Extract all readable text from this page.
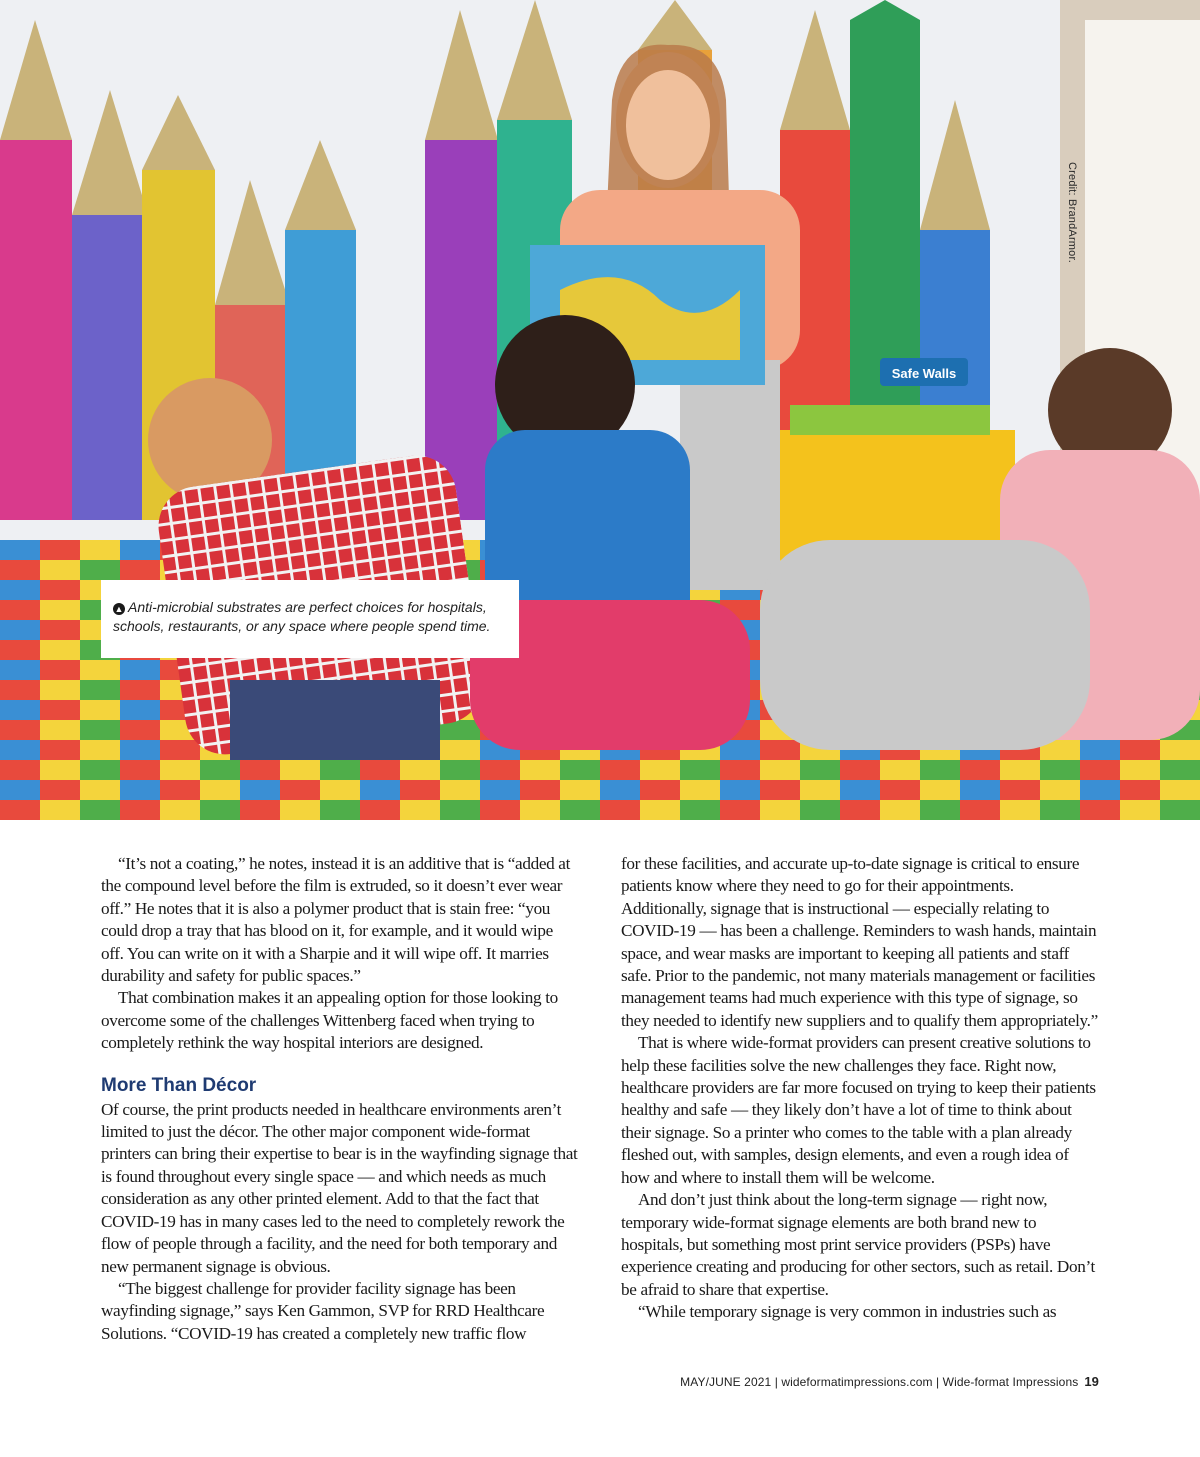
Safe Walls
Credit: BrandArmor.
▲ Anti-microbial substrates are perfect choices for hospitals, schools, restaurants, or any space where people spend time.

“It’s not a coating,” he notes, instead it is an additive that is “added at the compound level before the film is extruded, so it doesn’t ever wear off.” He notes that it is also a polymer product that is stain free: “you could drop a tray that has blood on it, for example, and it would wipe off. You can write on it with a Sharpie and it will wipe off. It marries durability and safety for public spaces.”

That combination makes it an appealing option for those looking to overcome some of the challenges Wittenberg faced when trying to completely rethink the way hospital interiors are designed.

More Than Décor

Of course, the print products needed in healthcare environments aren’t limited to just the décor. The other major component wide-format printers can bring their expertise to bear is in the wayfinding signage that is found throughout every single space — and which needs as much consideration as any other printed element. Add to that the fact that COVID-19 has in many cases led to the need to completely rework the flow of people through a facility, and the need for both temporary and new permanent signage is obvious.

“The biggest challenge for provider facility signage has been wayfinding signage,” says Ken Gammon, SVP for RRD Healthcare Solutions. “COVID-19 has created a completely new traffic flow

for these facilities, and accurate up-to-date signage is critical to ensure patients know where they need to go for their appointments. Additionally, signage that is instructional — especially relating to COVID-19 — has been a challenge. Reminders to wash hands, maintain space, and wear masks are important to keeping all patients and staff safe. Prior to the pandemic, not many materials management or facilities management teams had much experience with this type of signage, so they needed to identify new suppliers and to qualify them appropriately.”

That is where wide-format providers can present creative solutions to help these facilities solve the new challenges they face. Right now, healthcare providers are far more focused on trying to keep their patients healthy and safe — they likely don’t have a lot of time to think about their signage. So a printer who comes to the table with a plan already fleshed out, with samples, design elements, and even a rough idea of how and where to install them will be welcome.

And don’t just think about the long-term signage — right now, temporary wide-format signage elements are both brand new to hospitals, but something most print service providers (PSPs) have experience creating and producing for other sectors, such as retail. Don’t be afraid to share that expertise.

“While temporary signage is very common in industries such as

MAY/JUNE 2021 | wideformatimpressions.com | Wide-format Impressions 19
